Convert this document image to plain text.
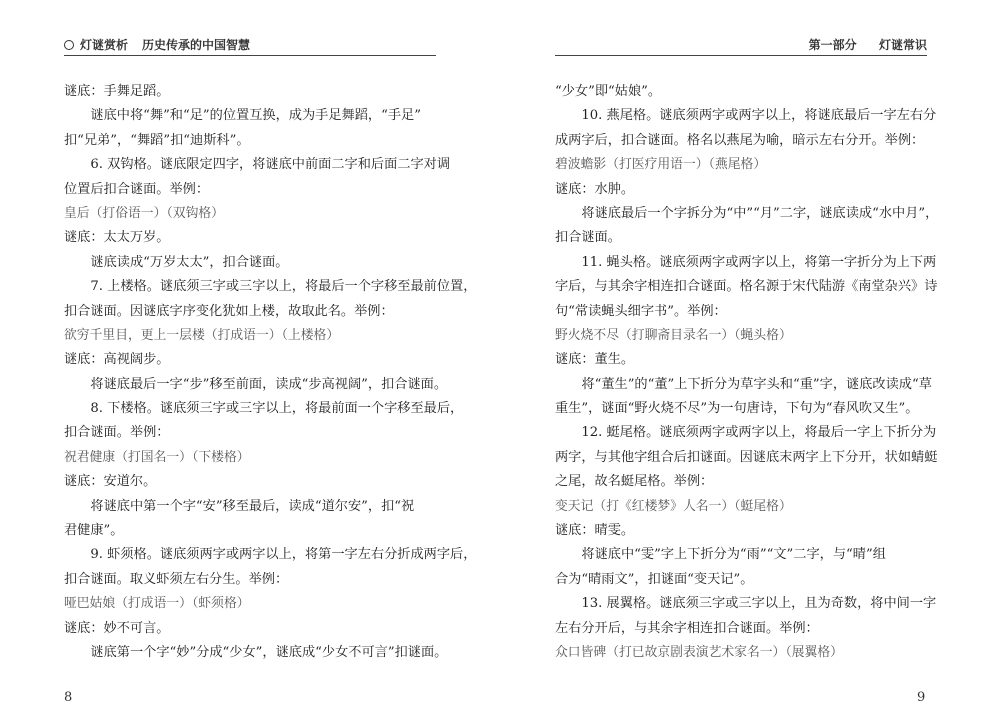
灯谜赏析 历史传承的中国智慧	第一部分 灯谜常识
谜底：手舞足蹈。
谜底中将“舞”和“足”的位置互换，成为手足舞蹈，“手足”
扣“兄弟”，“舞蹈”扣“迪斯科”。
6. 双钩格。谜底限定四字，将谜底中前面二字和后面二字对调
位置后扣合谜面。举例：
皇后（打俗语一）（双钩格）
谜底：太太万岁。
谜底读成“万岁太太”，扣合谜面。
7. 上楼格。谜底须三字或三字以上，将最后一个字移至最前位置，
扣合谜面。因谜底字序变化犹如上楼，故取此名。举例：
欲穷千里目，更上一层楼（打成语一）（上楼格）
谜底：高视阔步。
将谜底最后一字“步”移至前面，读成“步高视阔”，扣合谜面。
8. 下楼格。谜底须三字或三字以上，将最前面一个字移至最后，
扣合谜面。举例：
祝君健康（打国名一）（下楼格）
谜底：安道尔。
将谜底中第一个字“安”移至最后，读成“道尔安”，扣“祝
君健康”。
9. 虾须格。谜底须两字或两字以上，将第一字左右分折成两字后，
扣合谜面。取义虾须左右分生。举例：
哑巴姑娘（打成语一）（虾须格）
谜底：妙不可言。
谜底第一个字“妙”分成“少女”，谜底成“少女不可言”扣谜面。
“少女”即“姑娘”。
10. 燕尾格。谜底须两字或两字以上，将谜底最后一字左右分
成两字后，扣合谜面。格名以燕尾为喻，暗示左右分开。举例：
碧波蟾影（打医疗用语一）（燕尾格）
谜底：水肿。
将谜底最后一个字拆分为“中”“月”二字，谜底读成“水中月”，
扣合谜面。
11. 蝇头格。谜底须两字或两字以上，将第一字折分为上下两
字后，与其余字相连扣合谜面。格名源于宋代陆游《南堂杂兴》诗
句“常读蝇头细字书”。举例：
野火烧不尽（打聊斋目录名一）（蝇头格）
谜底：董生。
将“董生”的“董”上下折分为草字头和“重”字，谜底改读成“草
重生”，谜面“野火烧不尽”为一句唐诗，下句为“春风吹又生”。
12. 蜓尾格。谜底须两字或两字以上，将最后一字上下折分为
两字，与其他字组合后扣谜面。因谜底末两字上下分开，状如蜻蜓
之尾，故名蜓尾格。举例：
变天记（打《红楼梦》人名一）（蜓尾格）
谜底：晴雯。
将谜底中“雯”字上下折分为“雨”“文”二字，与“晴”组
合为“晴雨文”，扣谜面“变天记”。
13. 展翼格。谜底须三字或三字以上，且为奇数，将中间一字
左右分开后，与其余字相连扣合谜面。举例：
众口皆碑（打已故京剧表演艺术家名一）（展翼格）
8	9
